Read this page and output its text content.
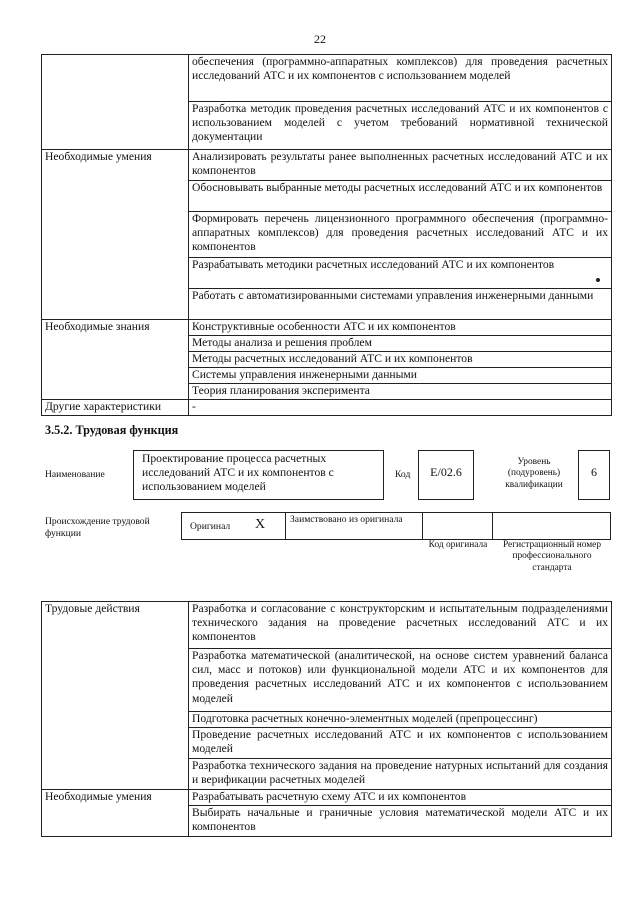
22
	обеспечения (программно-аппаратных комплексов) для проведения расчетных исследований АТС и их компонентов с использованием моделей
	Разработка методик проведения расчетных исследований АТС и их компонентов с использованием моделей с учетом требований нормативной технической документации
Необходимые умения	Анализировать результаты ранее выполненных расчетных исследований АТС и их компонентов
	Обосновывать выбранные методы расчетных исследований АТС и их компонентов
	Формировать перечень лицензионного программного обеспечения (программно-аппаратных комплексов) для проведения расчетных исследований АТС и их компонентов
	Разрабатывать методики расчетных исследований АТС и их компонентов
	Работать с автоматизированными системами управления инженерными данными
Необходимые знания	Конструктивные особенности АТС и их компонентов
	Методы анализа и решения проблем
	Методы расчетных исследований АТС и их компонентов
	Системы управления инженерными данными
	Теория планирования эксперимента
Другие характеристики	-
3.5.2. Трудовая функция
Наименование
Проектирование процесса расчетных исследований АТС и их компонентов с использованием моделей
Код	E/02.6
Уровень (подуровень) квалификации
6
Происхождение трудовой функции
Оригинал X	Заимствовано из оригинала
Код оригинала	Регистрационный номер профессионального стандарта
Трудовые действия	Разработка и согласование с конструкторским и испытательным подразделениями технического задания на проведение расчетных исследований АТС и их компонентов
	Разработка математической (аналитической, на основе систем уравнений баланса сил, масс и потоков) или функциональной модели АТС и их компонентов для проведения расчетных исследований АТС и их компонентов с использованием моделей
	Подготовка расчетных конечно-элементных моделей (препроцессинг)
	Проведение расчетных исследований АТС и их компонентов с использованием моделей
	Разработка технического задания на проведение натурных испытаний для создания и верификации расчетных моделей
Необходимые умения	Разрабатывать расчетную схему АТС и их компонентов
	Выбирать начальные и граничные условия математической модели АТС и их компонентов
